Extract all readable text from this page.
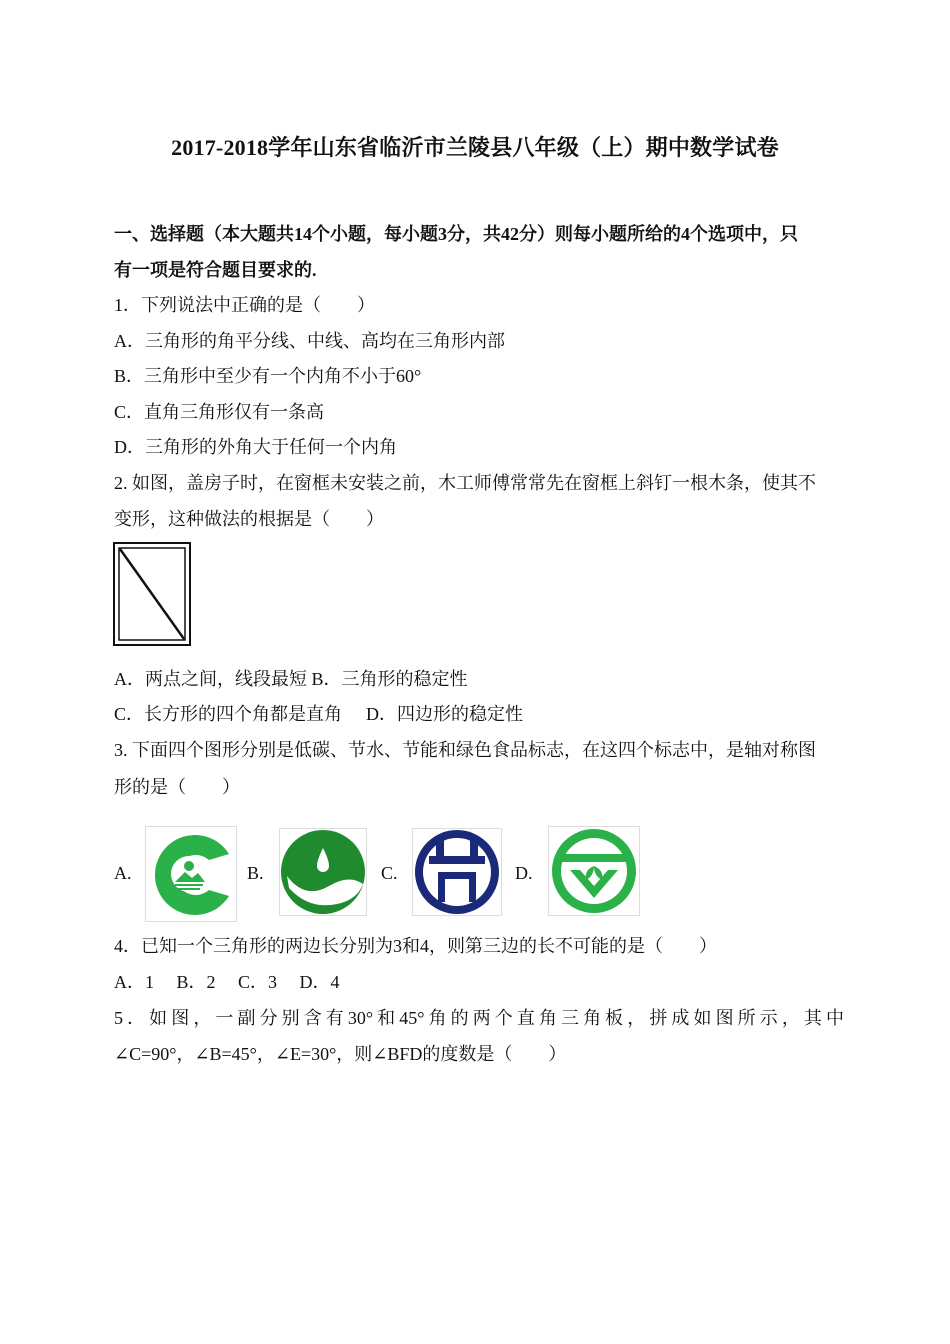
2017-2018学年山东省临沂市兰陵县八年级（上）期中数学试卷
一、选择题（本大题共14个小题，每小题3分，共42分）则每小题所给的4个选项中，只
有一项是符合题目要求的.
1．下列说法中正确的是（　　）
A．三角形的角平分线、中线、高均在三角形内部
B．三角形中至少有一个内角不小于60°
C．直角三角形仅有一条高
D．三角形的外角大于任何一个内角
2. 如图，盖房子时，在窗框未安装之前，木工师傅常常先在窗框上斜钉一根木条，使其不
变形，这种做法的根据是（　　）
A．两点之间，线段最短 B．三角形的稳定性
C．长方形的四个角都是直角 D．四边形的稳定性
3. 下面四个图形分别是低碳、节水、节能和绿色食品标志，在这四个标志中，是轴对称图
形的是（　　）
A.	B.	C.	D.
4．已知一个三角形的两边长分别为3和4，则第三边的长不可能的是（　　）
A．1　 B．2　 C．3　 D．4
5．如图，一副分别含有30°和45°角的两个直角三角板，拼成如图所示，其中
∠C=90°，∠B=45°，∠E=30°，则∠BFD的度数是（　　）
